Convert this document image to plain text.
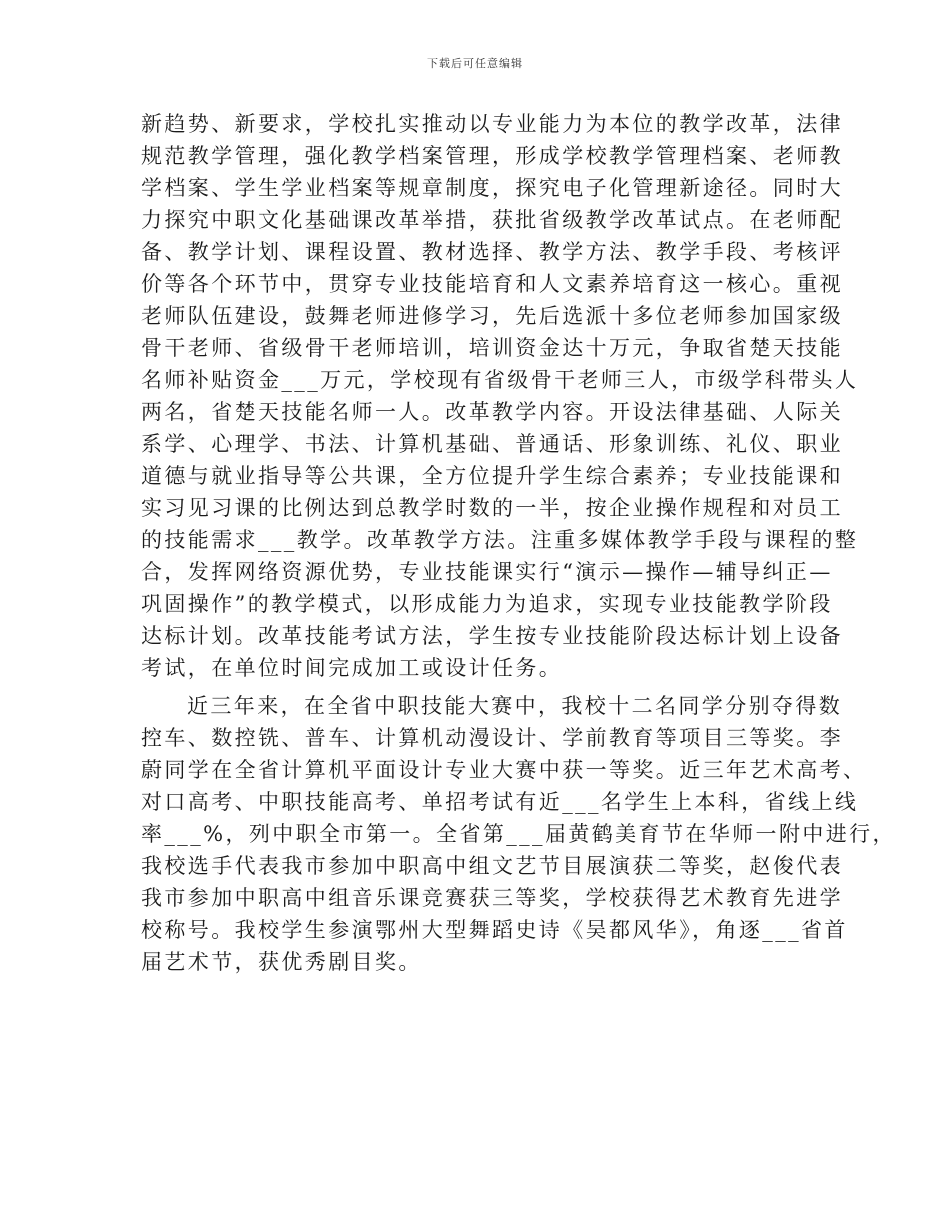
下载后可任意编辑
新趋势、新要求，学校扎实推动以专业能力为本位的教学改革，法律
规范教学管理，强化教学档案管理，形成学校教学管理档案、老师教
学档案、学生学业档案等规章制度，探究电子化管理新途径。同时大
力探究中职文化基础课改革举措，获批省级教学改革试点。在老师配
备、教学计划、课程设置、教材选择、教学方法、教学手段、考核评
价等各个环节中，贯穿专业技能培育和人文素养培育这一核心。重视
老师队伍建设，鼓舞老师进修学习，先后选派十多位老师参加国家级
骨干老师、省级骨干老师培训，培训资金达十万元，争取省楚天技能
名师补贴资金___万元，学校现有省级骨干老师三人，市级学科带头人
两名，省楚天技能名师一人。改革教学内容。开设法律基础、人际关
系学、心理学、书法、计算机基础、普通话、形象训练、礼仪、职业
道德与就业指导等公共课，全方位提升学生综合素养；专业技能课和
实习见习课的比例达到总教学时数的一半，按企业操作规程和对员工
的技能需求___教学。改革教学方法。注重多媒体教学手段与课程的整
合，发挥网络资源优势，专业技能课实行“演示—操作—辅导纠正—
巩固操作”的教学模式，以形成能力为追求，实现专业技能教学阶段
达标计划。改革技能考试方法，学生按专业技能阶段达标计划上设备
考试，在单位时间完成加工或设计任务。
近三年来，在全省中职技能大赛中，我校十二名同学分别夺得数
控车、数控铣、普车、计算机动漫设计、学前教育等项目三等奖。李
蔚同学在全省计算机平面设计专业大赛中获一等奖。近三年艺术高考、
对口高考、中职技能高考、单招考试有近___名学生上本科，省线上线
率___%，列中职全市第一。全省第___届黄鹤美育节在华师一附中进行，
我校选手代表我市参加中职高中组文艺节目展演获二等奖，赵俊代表
我市参加中职高中组音乐课竞赛获三等奖，学校获得艺术教育先进学
校称号。我校学生参演鄂州大型舞蹈史诗《吴都风华》，角逐___省首
届艺术节，获优秀剧目奖。
